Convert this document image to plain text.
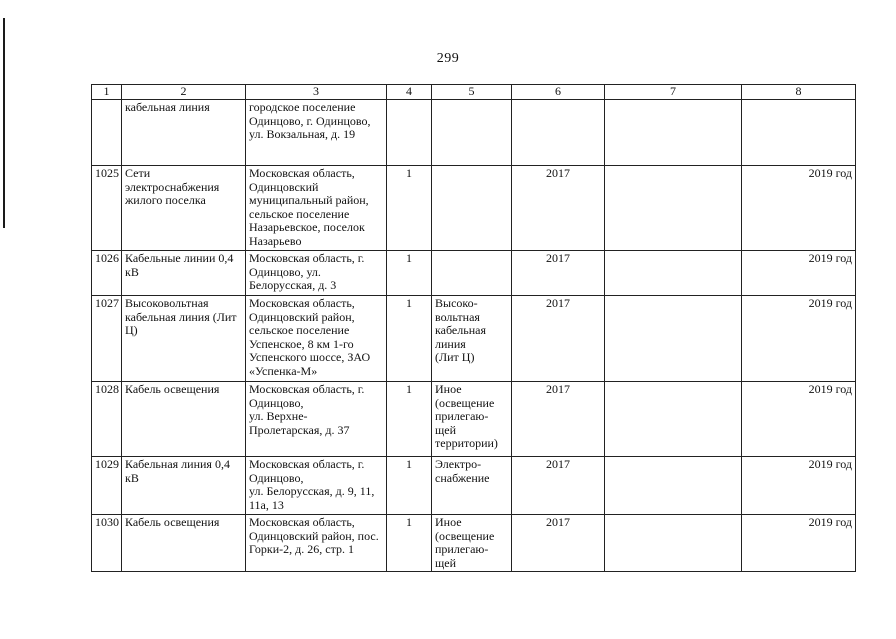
299
1	2	3	4	5	6	7	8
	кабельная линия	городское поселение Одинцово, г. Одинцово, ул. Вокзальная, д. 19					
1025	Сети электроснабжения жилого поселка	Московская область, Одинцовский муниципальный район, сельское поселение Назарьевское, поселок Назарьево	1		2017		2019 год
1026	Кабельные линии 0,4 кВ	Московская область, г. Одинцово, ул. Белорусская, д. 3	1		2017		2019 год
1027	Высоковольтная кабельная линия (Лит Ц)	Московская область, Одинцовский район, сельское поселение Успенское, 8 км 1-го Успенского шоссе, ЗАО «Успенка-М»	1	Высоко-
вольтная кабельная линия
(Лит Ц)	2017		2019 год
1028	Кабель освещения	Московская область, г. Одинцово,
ул. Верхне-
Пролетарская, д. 37	1	Иное
(освещение прилегаю-
щей территории)	2017		2019 год
1029	Кабельная линия 0,4 кВ	Московская область, г. Одинцово,
ул. Белорусская, д. 9, 11, 11а, 13	1	Электро-
снабжение	2017		2019 год
1030	Кабель освещения	Московская область, Одинцовский район, пос. Горки-2, д. 26, стр. 1	1	Иное
(освещение прилегаю-
щей	2017		2019 год
